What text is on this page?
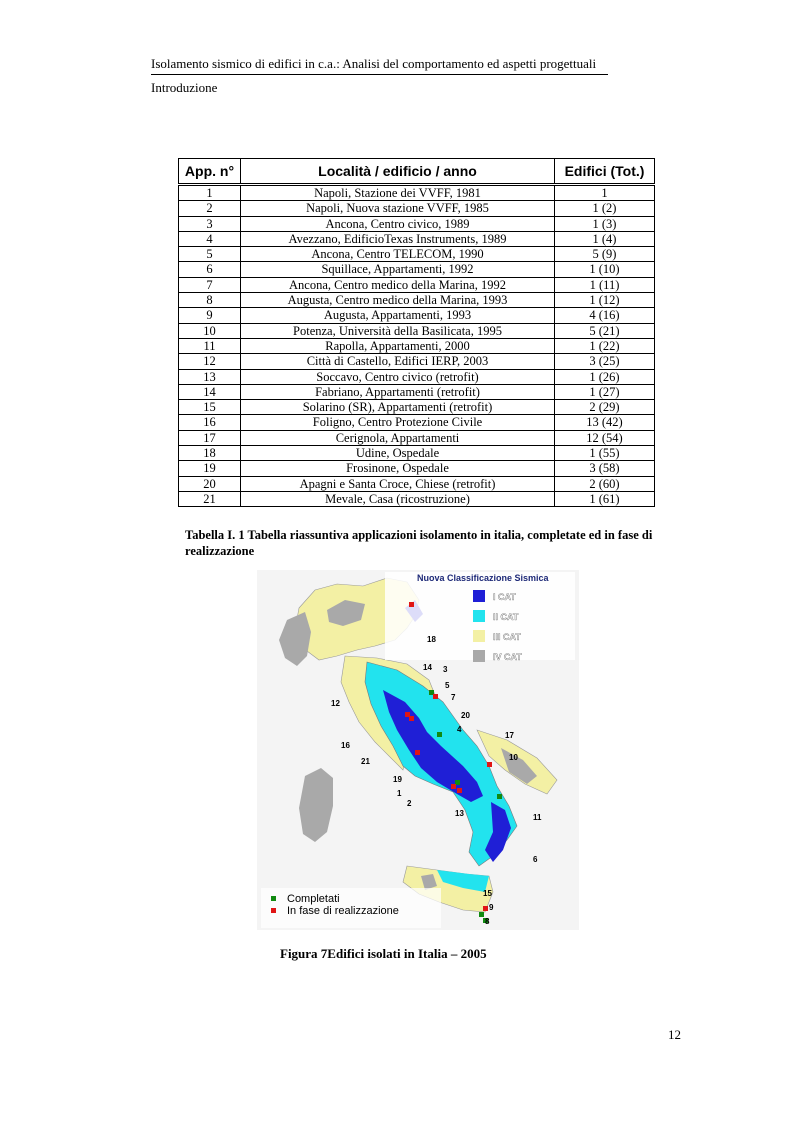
Isolamento sismico di edifici in c.a.: Analisi del comportamento ed aspetti progettuali
Introduzione
App. n°	Località / edificio / anno	Edifici (Tot.)
1	Napoli, Stazione dei VVFF, 1981	1
2	Napoli, Nuova stazione VVFF, 1985	1 (2)
3	Ancona, Centro civico, 1989	1 (3)
4	Avezzano, EdificioTexas Instruments, 1989	1 (4)
5	Ancona, Centro TELECOM, 1990	5 (9)
6	Squillace, Appartamenti, 1992	1 (10)
7	Ancona, Centro medico della Marina, 1992	1 (11)
8	Augusta, Centro medico della Marina, 1993	1 (12)
9	Augusta, Appartamenti, 1993	4 (16)
10	Potenza, Università della Basilicata, 1995	5 (21)
11	Rapolla, Appartamenti, 2000	1 (22)
12	Città di Castello, Edifici IERP, 2003	3 (25)
13	Soccavo, Centro civico (retrofit)	1 (26)
14	Fabriano, Appartamenti (retrofit)	1 (27)
15	Solarino (SR), Appartamenti (retrofit)	2 (29)
16	Foligno, Centro Protezione Civile	13 (42)
17	Cerignola, Appartamenti	12 (54)
18	Udine, Ospedale	1 (55)
19	Frosinone, Ospedale	3 (58)
20	Apagni e Santa Croce, Chiese (retrofit)	2 (60)
21	Mevale, Casa (ricostruzione)	1 (61)
Tabella I. 1 Tabella riassuntiva applicazioni isolamento in italia, completate ed in fase di realizzazione
Nuova Classificazione Sismica
I CAT
II CAT
III CAT
IV CAT
18
14 3
5
7
12
20
4
16
17
10
21
19
1
2
13	11
6
15
9
8
Completati
In fase di realizzazione
Figura 7Edifici isolati in Italia – 2005
12
